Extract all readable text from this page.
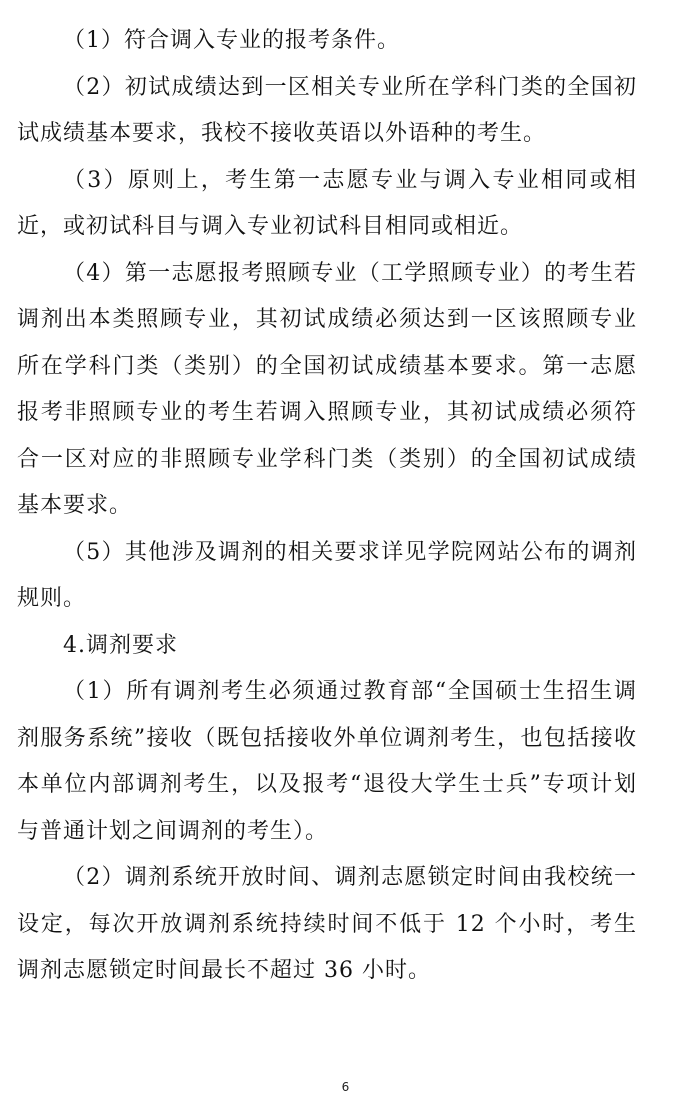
（1）符合调入专业的报考条件。

（2）初试成绩达到一区相关专业所在学科门类的全国初试成绩基本要求，我校不接收英语以外语种的考生。

（3）原则上，考生第一志愿专业与调入专业相同或相近，或初试科目与调入专业初试科目相同或相近。

（4）第一志愿报考照顾专业（工学照顾专业）的考生若调剂出本类照顾专业，其初试成绩必须达到一区该照顾专业所在学科门类（类别）的全国初试成绩基本要求。第一志愿报考非照顾专业的考生若调入照顾专业，其初试成绩必须符合一区对应的非照顾专业学科门类（类别）的全国初试成绩基本要求。

（5）其他涉及调剂的相关要求详见学院网站公布的调剂规则。

4.调剂要求

（1）所有调剂考生必须通过教育部“全国硕士生招生调剂服务系统”接收（既包括接收外单位调剂考生，也包括接收本单位内部调剂考生，以及报考“退役大学生士兵”专项计划与普通计划之间调剂的考生）。

（2）调剂系统开放时间、调剂志愿锁定时间由我校统一设定，每次开放调剂系统持续时间不低于 12 个小时，考生调剂志愿锁定时间最长不超过 36 小时。

6
